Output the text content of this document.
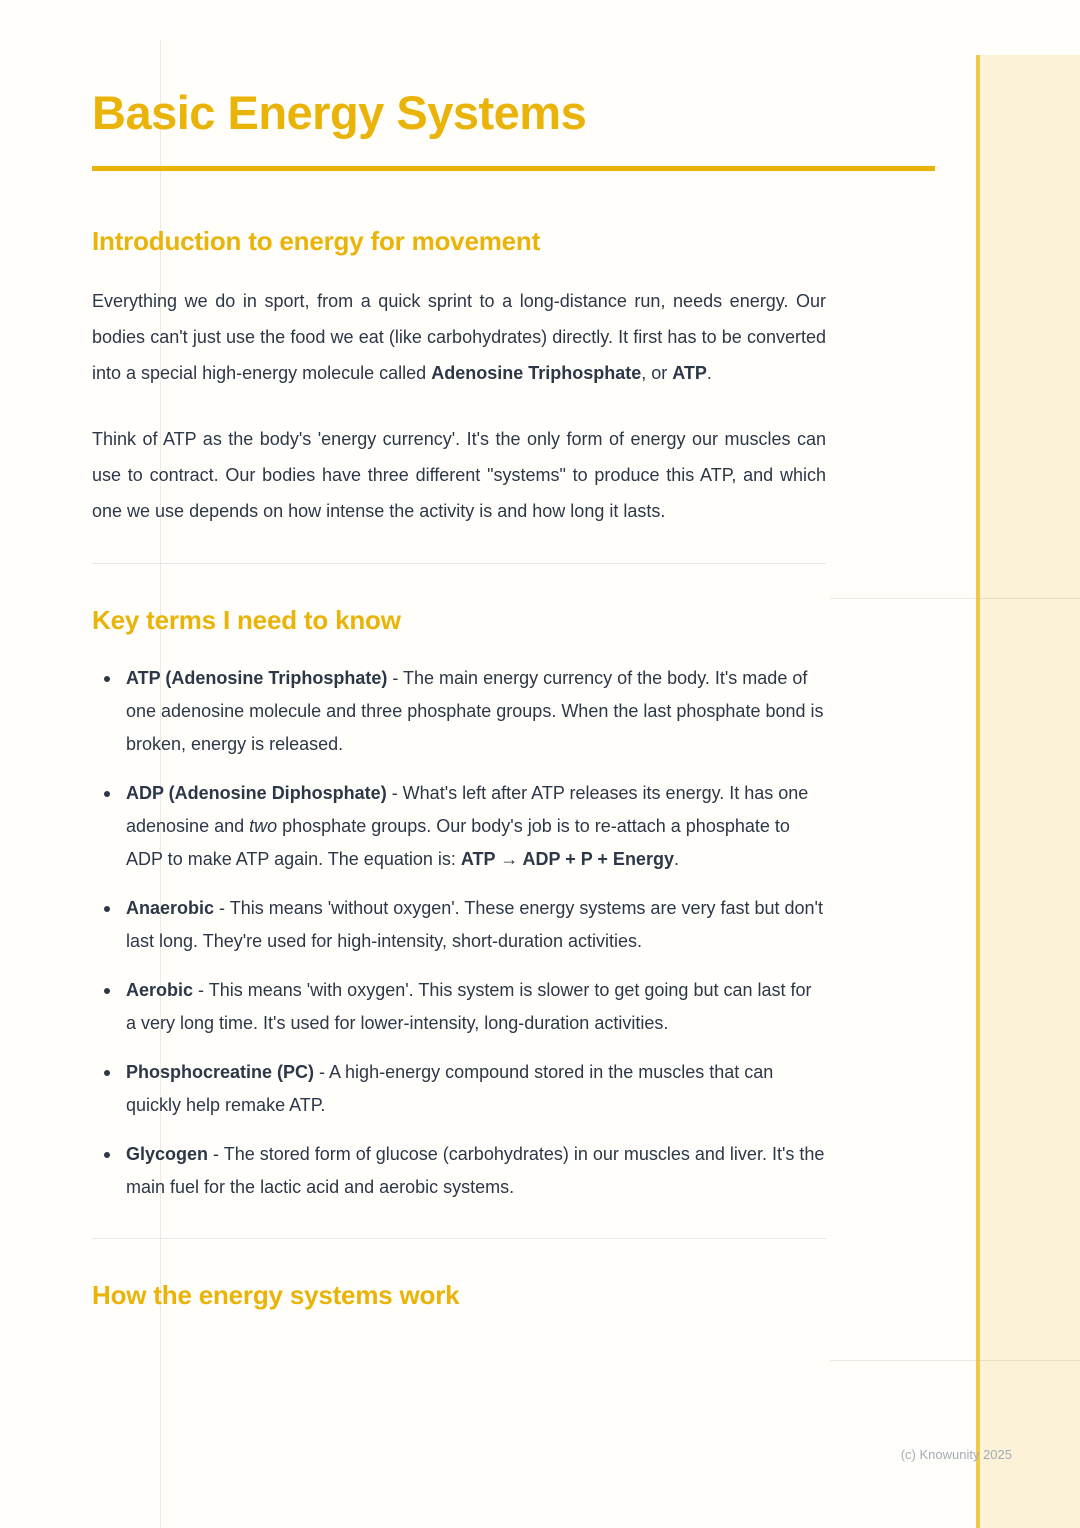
Basic Energy Systems
Introduction to energy for movement

Everything we do in sport, from a quick sprint to a long-distance run, needs energy. Our bodies can't just use the food we eat (like carbohydrates) directly. It first has to be converted into a special high-energy molecule called Adenosine Triphosphate, or ATP.

Think of ATP as the body's 'energy currency'. It's the only form of energy our muscles can use to contract. Our bodies have three different "systems" to produce this ATP, and which one we use depends on how intense the activity is and how long it lasts.

Key terms I need to know
ATP (Adenosine Triphosphate) - The main energy currency of the body. It's made of one adenosine molecule and three phosphate groups. When the last phosphate bond is broken, energy is released.
ADP (Adenosine Diphosphate) - What's left after ATP releases its energy. It has one adenosine and two phosphate groups. Our body's job is to re-attach a phosphate to ADP to make ATP again. The equation is: ATP → ADP + P + Energy.
Anaerobic - This means 'without oxygen'. These energy systems are very fast but don't last long. They're used for high-intensity, short-duration activities.
Aerobic - This means 'with oxygen'. This system is slower to get going but can last for a very long time. It's used for lower-intensity, long-duration activities.
Phosphocreatine (PC) - A high-energy compound stored in the muscles that can quickly help remake ATP.
Glycogen - The stored form of glucose (carbohydrates) in our muscles and liver. It's the main fuel for the lactic acid and aerobic systems.
How the energy systems work
(c) Knowunity 2025
